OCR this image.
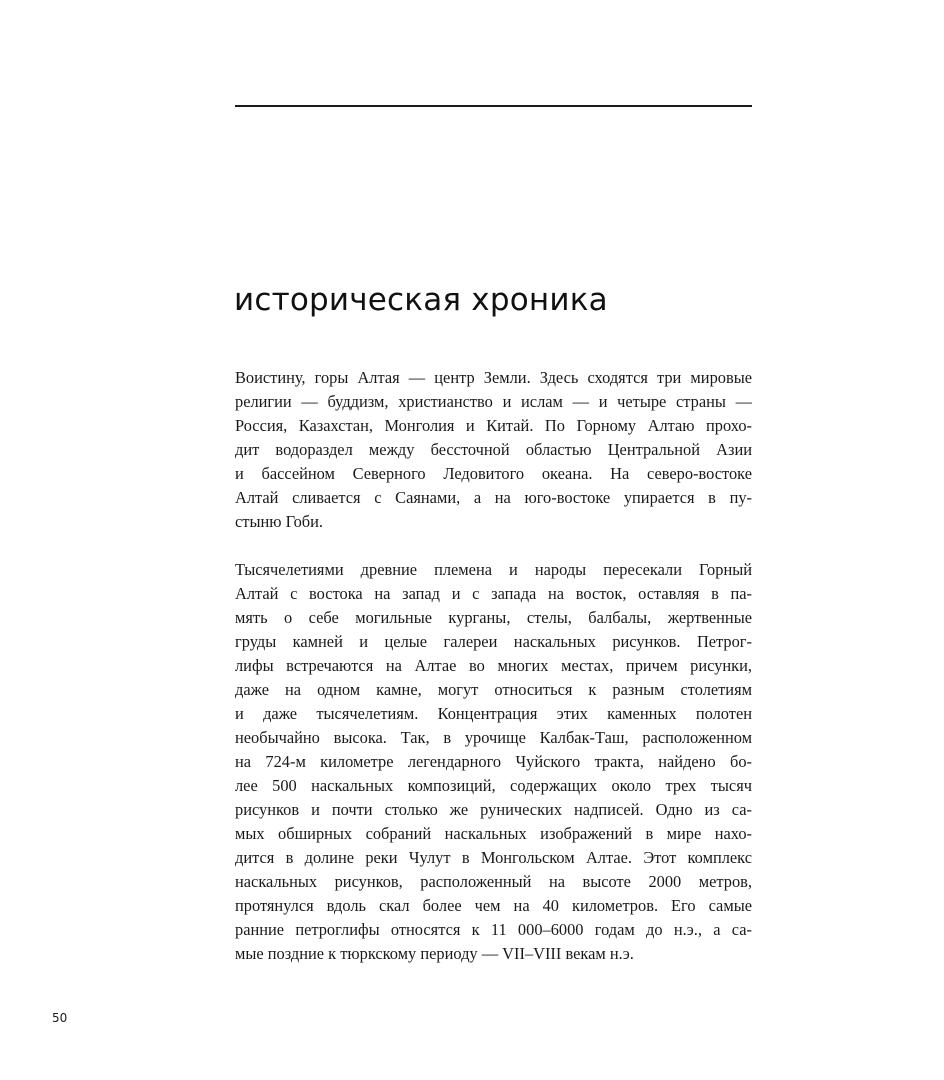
историческая хроника
Воистину, горы Алтая — центр Земли. Здесь сходятся три мировые
религии — буддизм, христианство и ислам — и четыре страны —
Россия, Казахстан, Монголия и Китай. По Горному Алтаю прохо-
дит водораздел между бессточной областью Центральной Азии
и бассейном Северного Ледовитого океана. На северо-востоке
Алтай сливается с Саянами, а на юго-востоке упирается в пу-
стыню Гоби.
Тысячелетиями древние племена и народы пересекали Горный
Алтай с востока на запад и с запада на восток, оставляя в па-
мять о себе могильные курганы, стелы, балбалы, жертвенные
груды камней и целые галереи наскальных рисунков. Петрог-
лифы встречаются на Алтае во многих местах, причем рисунки,
даже на одном камне, могут относиться к разным столетиям
и даже тысячелетиям. Концентрация этих каменных полотен
необычайно высока. Так, в урочище Калбак-Таш, расположенном
на 724-м километре легендарного Чуйского тракта, найдено бо-
лее 500 наскальных композиций, содержащих около трех тысяч
рисунков и почти столько же рунических надписей. Одно из са-
мых обширных собраний наскальных изображений в мире нахо-
дится в долине реки Чулут в Монгольском Алтае. Этот комплекс
наскальных рисунков, расположенный на высоте 2000 метров,
протянулся вдоль скал более чем на 40 километров. Его самые
ранние петроглифы относятся к 11 000–6000 годам до н.э., а са-
мые поздние к тюркскому периоду — VII–VIII векам н.э.
50
